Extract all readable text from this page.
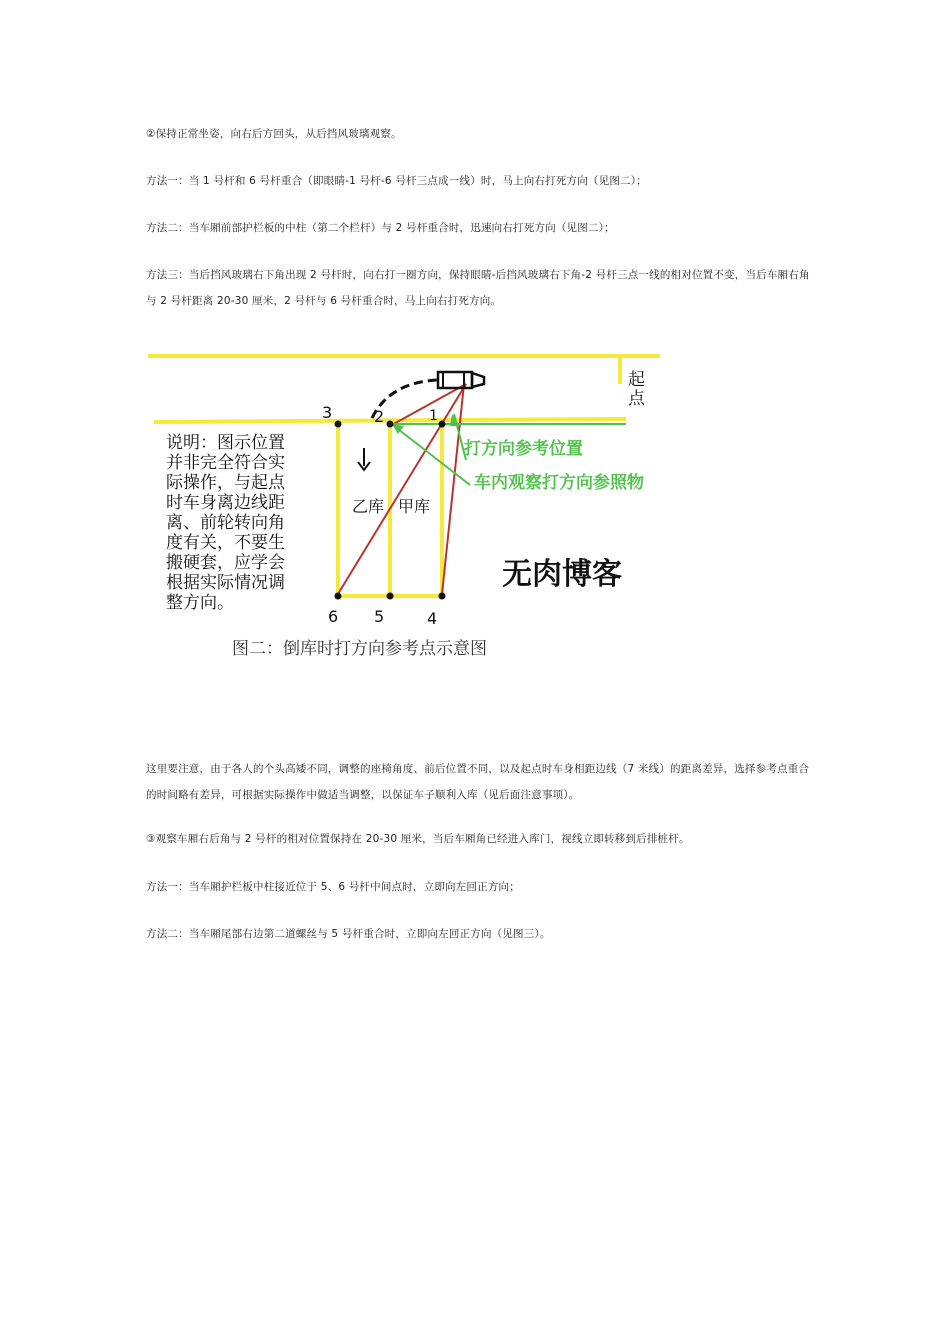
②保持正常坐姿，向右后方回头，从后挡风玻璃观察。
方法一：当 1 号杆和 6 号杆重合（即眼睛-1 号杆-6 号杆三点成一线）时，马上向右打死方向（见图二）；
方法二：当车厢前部护栏板的中柱（第二个栏杆）与 2 号杆重合时，迅速向右打死方向（见图二）；
方法三：当后挡风玻璃右下角出现 2 号杆时，向右打一圈方向，保持眼睛-后挡风玻璃右下角-2 号杆三点一线的相对位置不变，当后车厢右角与 2 号杆距离 20-30 厘米，2 号杆与 6 号杆重合时，马上向右打死方向。
3	2	1
6 5	4
起
点
乙库 甲库
打方向参考位置
车内观察打方向参照物
说明：图示位置
并非完全符合实
际操作，与起点
时车身离边线距
离、前轮转向角
度有关，不要生
搬硬套，应学会
根据实际情况调
整方向。
无肉博客
图二：倒库时打方向参考点示意图
这里要注意，由于各人的个头高矮不同，调整的座椅角度、前后位置不同，以及起点时车身相距边线（7 米线）的距离差异，选择参考点重合的时间略有差异，可根据实际操作中做适当调整，以保证车子顺利入库（见后面注意事项）。
③观察车厢右后角与 2 号杆的相对位置保持在 20-30 厘米，当后车厢角已经进入库门，视线立即转移到后排桩杆。
方法一：当车厢护栏板中柱接近位于 5、6 号杆中间点时，立即向左回正方向；
方法二：当车厢尾部右边第二道螺丝与 5 号杆重合时，立即向左回正方向（见图三）。
